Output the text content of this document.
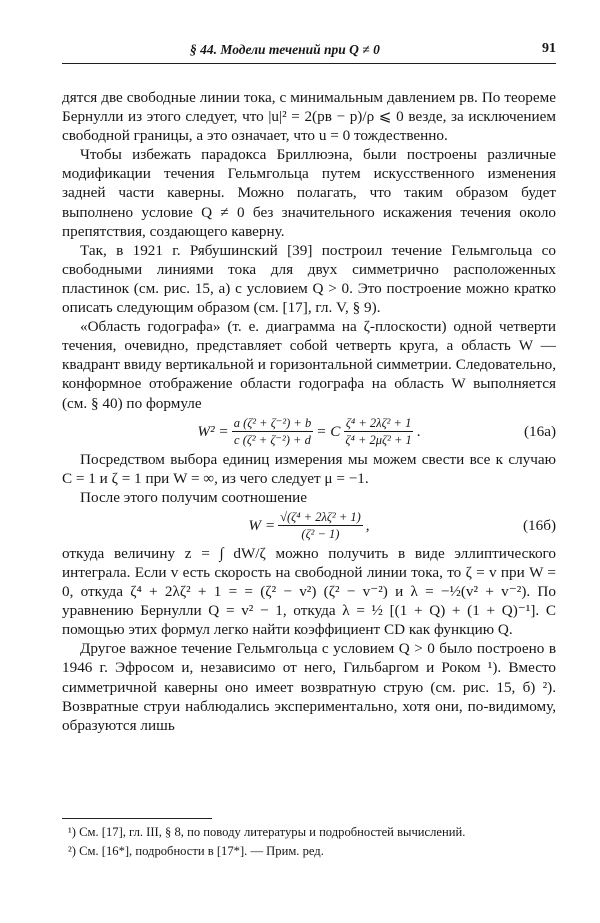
§ 44. Модели течений при Q ≠ 0	91

дятся две свободные линии тока, с минимальным давлением pв. По теореме Бернулли из этого следует, что |u|² = 2(pв − p)/ρ ⩽ 0 везде, за исключением свободной границы, а это означает, что u = 0 тождественно.

Чтобы избежать парадокса Бриллюэна, были построены различные модификации течения Гельмгольца путем искусственного изменения задней части каверны. Можно полагать, что таким образом будет выполнено условие Q ≠ 0 без значительного искажения течения около препятствия, создающего каверну.

Так, в 1921 г. Рябушинский [39] построил течение Гельмгольца со свободными линиями тока для двух симметрично расположенных пластинок (см. рис. 15, a) с условием Q > 0. Это построение можно кратко описать следующим образом (см. [17], гл. V, § 9).

«Область годографа» (т. е. диаграмма на ζ-плоскости) одной четверти течения, очевидно, представляет собой четверть круга, а область W — квадрант ввиду вертикальной и горизонтальной симметрии. Следовательно, конформное отображение области годографа на область W выполняется (см. § 40) по формуле

$W^2 = \frac{\text{a (ζ² + ζ⁻²) + b}}{\text{c (ζ² + ζ⁻²) + d}} = C \frac{\text{ζ⁴ + 2λζ² + 1}}{\text{ζ⁴ + 2μζ² + 1}}$ .	(16a)

Посредством выбора единиц измерения мы можем свести все к случаю C = 1 и ζ = 1 при W = ∞, из чего следует μ = −1.

После этого получим соотношение

$W = \frac{\text{√(ζ⁴ + 2λζ² + 1)}}{\text{(ζ² − 1)}}$ ,	(16б)

откуда величину z = ∫ dW/ζ можно получить в виде эллиптического интеграла. Если v есть скорость на свободной линии тока, то ζ = v при W = 0, откуда ζ⁴ + 2λζ² + 1 = = (ζ² − v²) (ζ² − v⁻²) и λ = −½(v² + v⁻²). По уравнению Бернулли Q = v² − 1, откуда λ = ½ [(1 + Q) + (1 + Q)⁻¹]. С помощью этих формул легко найти коэффициент CD как функцию Q.

Другое важное течение Гельмгольца с условием Q > 0 было построено в 1946 г. Эфросом и, независимо от него, Гильбаргом и Роком ¹). Вместо симметричной каверны оно имеет возвратную струю (см. рис. 15, б) ²). Возвратные струи наблюдались экспериментально, хотя они, по-видимому, образуются лишь

¹) См. [17], гл. III, § 8, по поводу литературы и подробностей вычислений.

²) См. [16*], подробности в [17*]. — Прим. ред.
